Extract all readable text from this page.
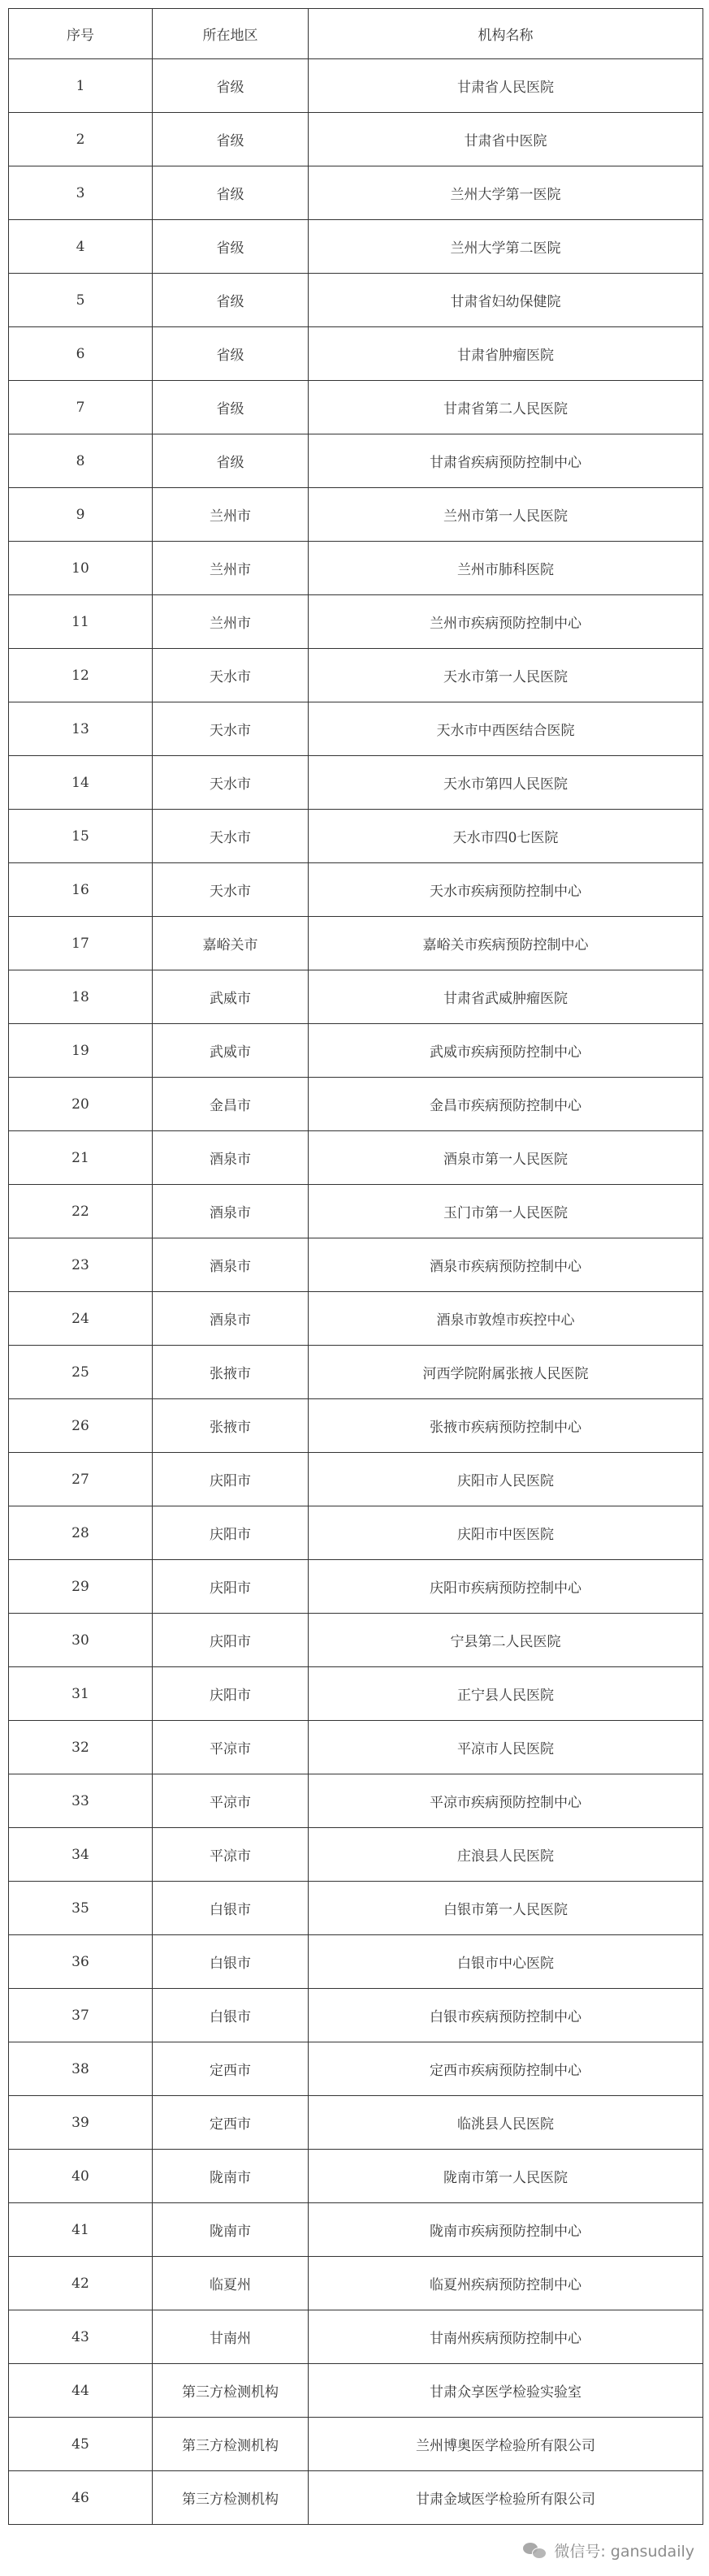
序号	所在地区	机构名称
1	省级	甘肃省人民医院
2	省级	甘肃省中医院
3	省级	兰州大学第一医院
4	省级	兰州大学第二医院
5	省级	甘肃省妇幼保健院
6	省级	甘肃省肿瘤医院
7	省级	甘肃省第二人民医院
8	省级	甘肃省疾病预防控制中心
9	兰州市	兰州市第一人民医院
10	兰州市	兰州市肺科医院
11	兰州市	兰州市疾病预防控制中心
12	天水市	天水市第一人民医院
13	天水市	天水市中西医结合医院
14	天水市	天水市第四人民医院
15	天水市	天水市四0七医院
16	天水市	天水市疾病预防控制中心
17	嘉峪关市	嘉峪关市疾病预防控制中心
18	武威市	甘肃省武威肿瘤医院
19	武威市	武威市疾病预防控制中心
20	金昌市	金昌市疾病预防控制中心
21	酒泉市	酒泉市第一人民医院
22	酒泉市	玉门市第一人民医院
23	酒泉市	酒泉市疾病预防控制中心
24	酒泉市	酒泉市敦煌市疾控中心
25	张掖市	河西学院附属张掖人民医院
26	张掖市	张掖市疾病预防控制中心
27	庆阳市	庆阳市人民医院
28	庆阳市	庆阳市中医医院
29	庆阳市	庆阳市疾病预防控制中心
30	庆阳市	宁县第二人民医院
31	庆阳市	正宁县人民医院
32	平凉市	平凉市人民医院
33	平凉市	平凉市疾病预防控制中心
34	平凉市	庄浪县人民医院
35	白银市	白银市第一人民医院
36	白银市	白银市中心医院
37	白银市	白银市疾病预防控制中心
38	定西市	定西市疾病预防控制中心
39	定西市	临洮县人民医院
40	陇南市	陇南市第一人民医院
41	陇南市	陇南市疾病预防控制中心
42	临夏州	临夏州疾病预防控制中心
43	甘南州	甘南州疾病预防控制中心
44	第三方检测机构	甘肃众享医学检验实验室
45	第三方检测机构	兰州博奥医学检验所有限公司
46	第三方检测机构	甘肃金域医学检验所有限公司
微信号: gansudaily
